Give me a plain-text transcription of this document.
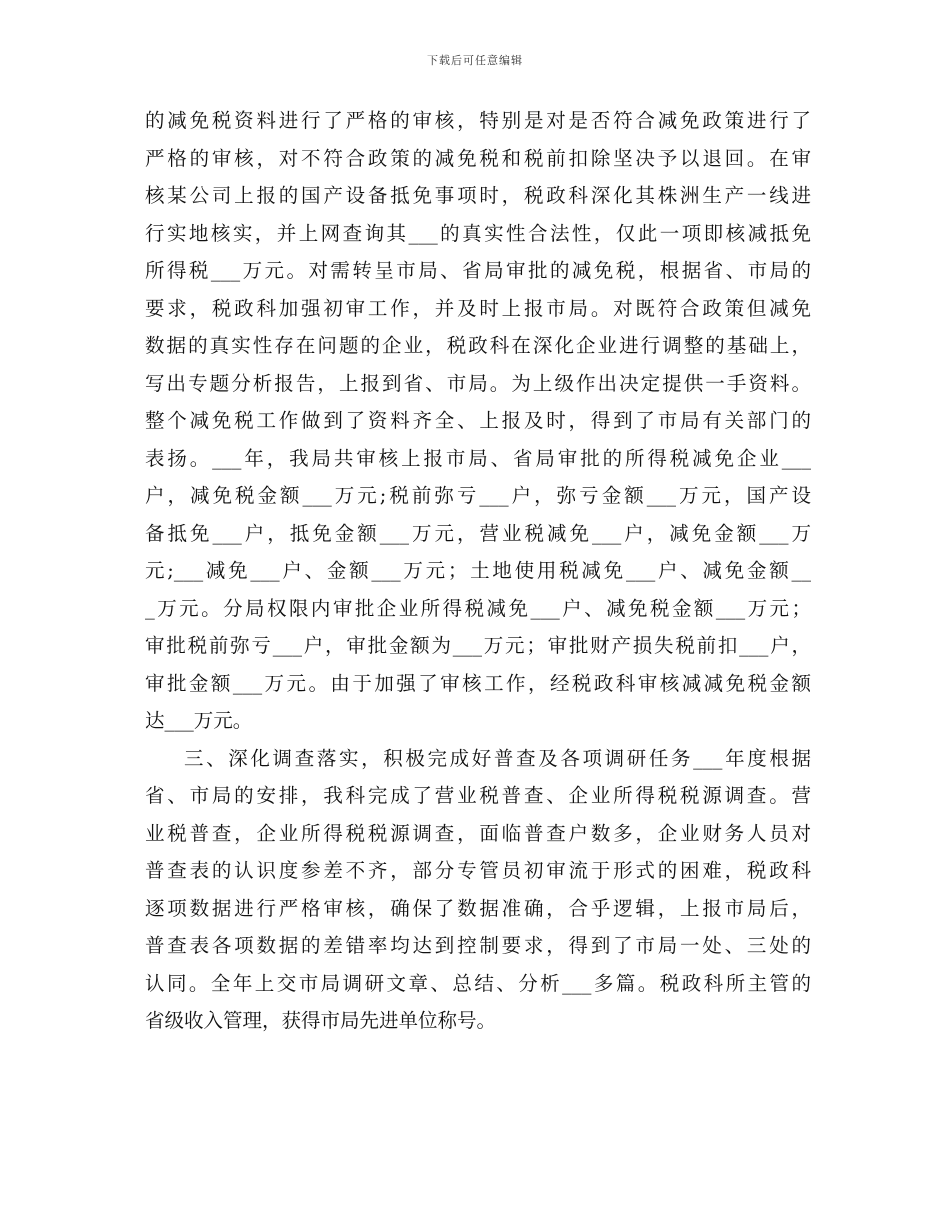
下载后可任意编辑
的减免税资料进行了严格的审核，特别是对是否符合减免政策进行了
严格的审核，对不符合政策的减免税和税前扣除坚决予以退回。在审
核某公司上报的国产设备抵免事项时，税政科深化其株洲生产一线进
行实地核实，并上网查询其___的真实性合法性，仅此一项即核减抵免
所得税___万元。对需转呈市局、省局审批的减免税，根据省、市局的
要求，税政科加强初审工作，并及时上报市局。对既符合政策但减免
数据的真实性存在问题的企业，税政科在深化企业进行调整的基础上，
写出专题分析报告，上报到省、市局。为上级作出决定提供一手资料。
整个减免税工作做到了资料齐全、上报及时，得到了市局有关部门的
表扬。___年，我局共审核上报市局、省局审批的所得税减免企业___
户，减免税金额___万元;税前弥亏___户，弥亏金额___万元，国产设
备抵免___户，抵免金额___万元，营业税减免___户，减免金额___万
元;___减免___户、金额___万元；土地使用税减免___户、减免金额__
_万元。分局权限内审批企业所得税减免___户、减免税金额___万元；
审批税前弥亏___户，审批金额为___万元；审批财产损失税前扣___户，
审批金额___万元。由于加强了审核工作，经税政科审核减减免税金额
达___万元。
三、深化调查落实，积极完成好普查及各项调研任务___年度根据
省、市局的安排，我科完成了营业税普查、企业所得税税源调查。营
业税普查，企业所得税税源调查，面临普查户数多，企业财务人员对
普查表的认识度参差不齐，部分专管员初审流于形式的困难，税政科
逐项数据进行严格审核，确保了数据准确，合乎逻辑，上报市局后，
普查表各项数据的差错率均达到控制要求，得到了市局一处、三处的
认同。全年上交市局调研文章、总结、分析___多篇。税政科所主管的
省级收入管理，获得市局先进单位称号。
